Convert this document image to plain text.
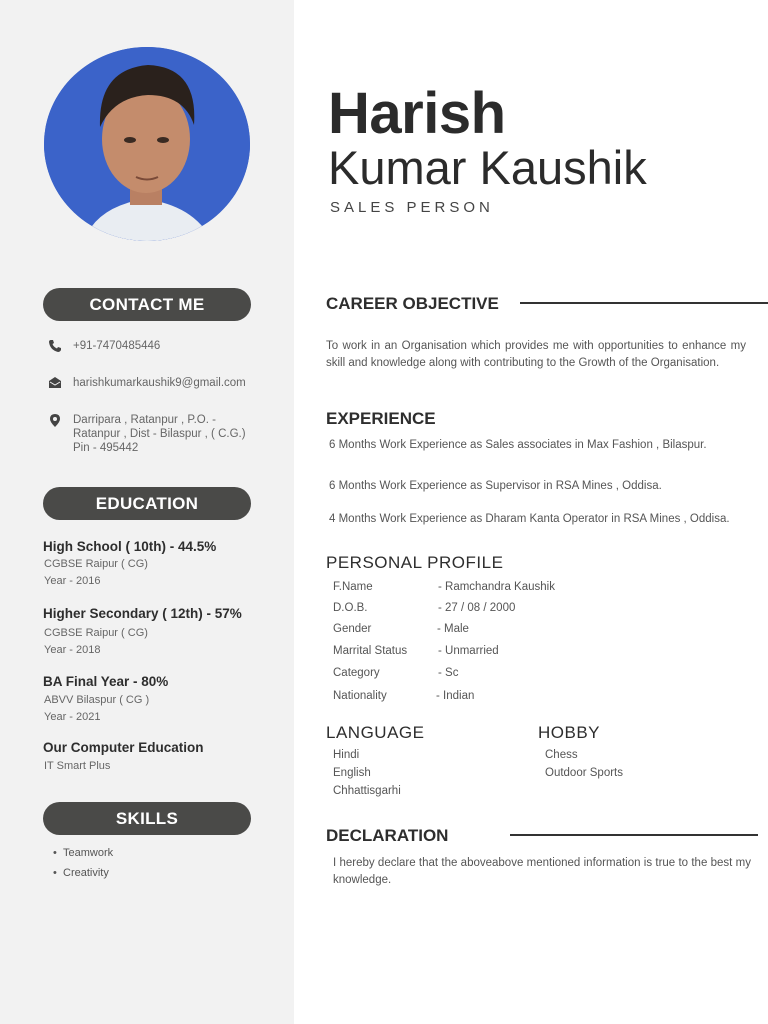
CONTACT ME
+91-7470485446
harishkumarkaushik9@gmail.com
Darripara , Ratanpur , P.O. -
Ratanpur , Dist - Bilaspur , ( C.G.)
Pin - 495442
EDUCATION
High School ( 10th) - 44.5%
CGBSE Raipur ( CG)
Year - 2016
Higher Secondary ( 12th) - 57%
CGBSE Raipur ( CG)
Year - 2018
BA Final Year - 80%
ABVV Bilaspur ( CG )
Year - 2021
Our Computer Education
IT Smart Plus
SKILLS
• Teamwork
• Creativity
Harish
Kumar Kaushik
SALES PERSON
CAREER OBJECTIVE
To work in an Organisation which provides me with opportunities to enhance my skill and knowledge along with contributing to the Growth of the Organisation.
EXPERIENCE
6 Months Work Experience as Sales associates in Max Fashion , Bilaspur.
6 Months Work Experience as Supervisor in RSA Mines , Oddisa.
4 Months Work Experience as Dharam Kanta Operator in RSA Mines , Oddisa.
PERSONAL PROFILE
F.Name	- Ramchandra Kaushik
D.O.B.	- 27 / 08 / 2000
Gender	- Male
Marrital Status	- Unmarried
Category	- Sc
Nationality	- Indian
LANGUAGE
Hindi
English
Chhattisgarhi
HOBBY
Chess
Outdoor Sports
DECLARATION
I hereby declare that the aboveabove mentioned information is true to the best my knowledge.
